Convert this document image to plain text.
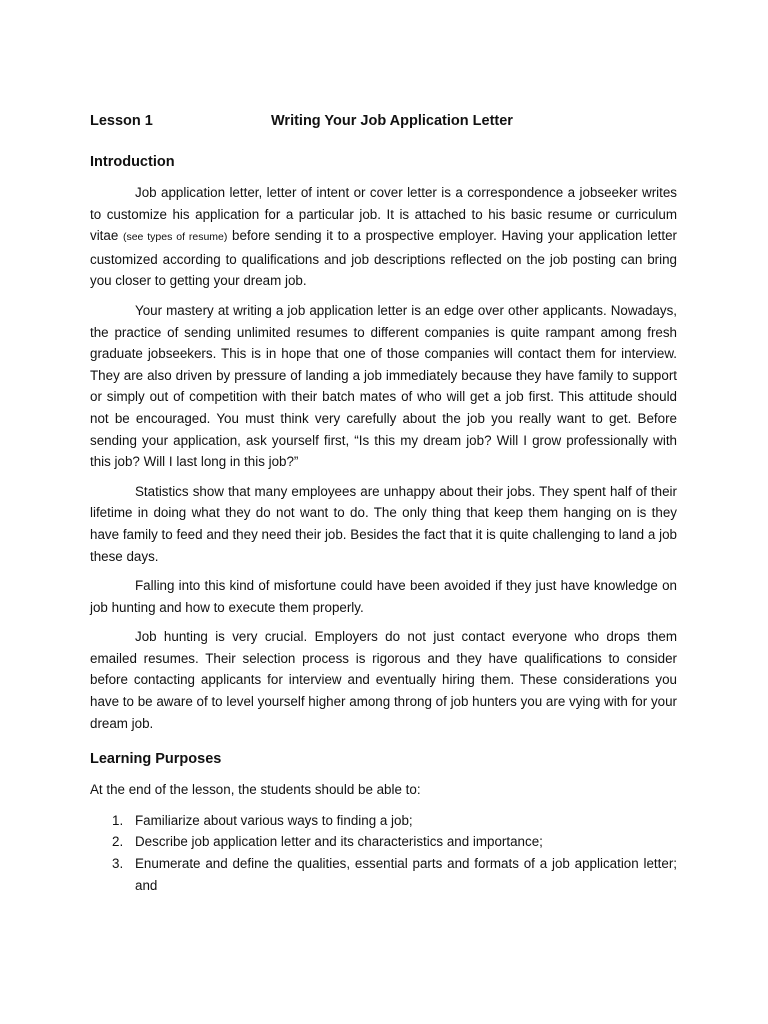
Lesson 1	Writing Your Job Application Letter
Introduction

Job application letter, letter of intent or cover letter is a correspondence a jobseeker writes to customize his application for a particular job. It is attached to his basic resume or curriculum vitae (see types of resume) before sending it to a prospective employer. Having your application letter customized according to qualifications and job descriptions reflected on the job posting can bring you closer to getting your dream job.

Your mastery at writing a job application letter is an edge over other applicants. Nowadays, the practice of sending unlimited resumes to different companies is quite rampant among fresh graduate jobseekers. This is in hope that one of those companies will contact them for interview. They are also driven by pressure of landing a job immediately because they have family to support or simply out of competition with their batch mates of who will get a job first. This attitude should not be encouraged. You must think very carefully about the job you really want to get. Before sending your application, ask yourself first, “Is this my dream job? Will I grow professionally with this job? Will I last long in this job?”

Statistics show that many employees are unhappy about their jobs. They spent half of their lifetime in doing what they do not want to do. The only thing that keep them hanging on is they have family to feed and they need their job. Besides the fact that it is quite challenging to land a job these days.

Falling into this kind of misfortune could have been avoided if they just have knowledge on job hunting and how to execute them properly.

Job hunting is very crucial. Employers do not just contact everyone who drops them emailed resumes. Their selection process is rigorous and they have qualifications to consider before contacting applicants for interview and eventually hiring them. These considerations you have to be aware of to level yourself higher among throng of job hunters you are vying with for your dream job.

Learning Purposes

At the end of the lesson, the students should be able to:

1. Familiarize about various ways to finding a job;
2. Describe job application letter and its characteristics and importance;
3. Enumerate and define the qualities, essential parts and formats of a job application letter; and
